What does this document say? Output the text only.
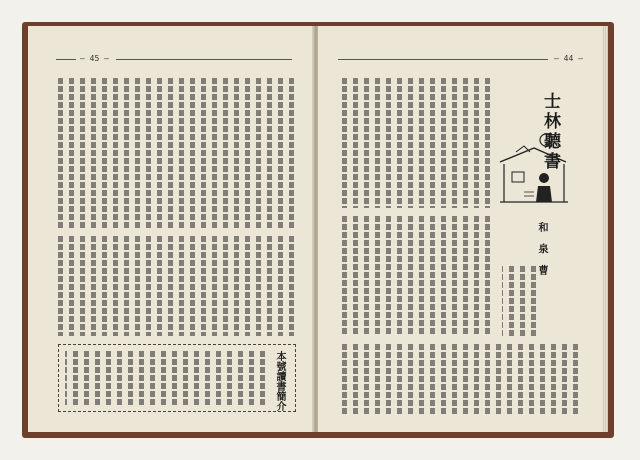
— 45 —
本號讀書簡介
— 44 —
士林聽書
和 泉 曹
